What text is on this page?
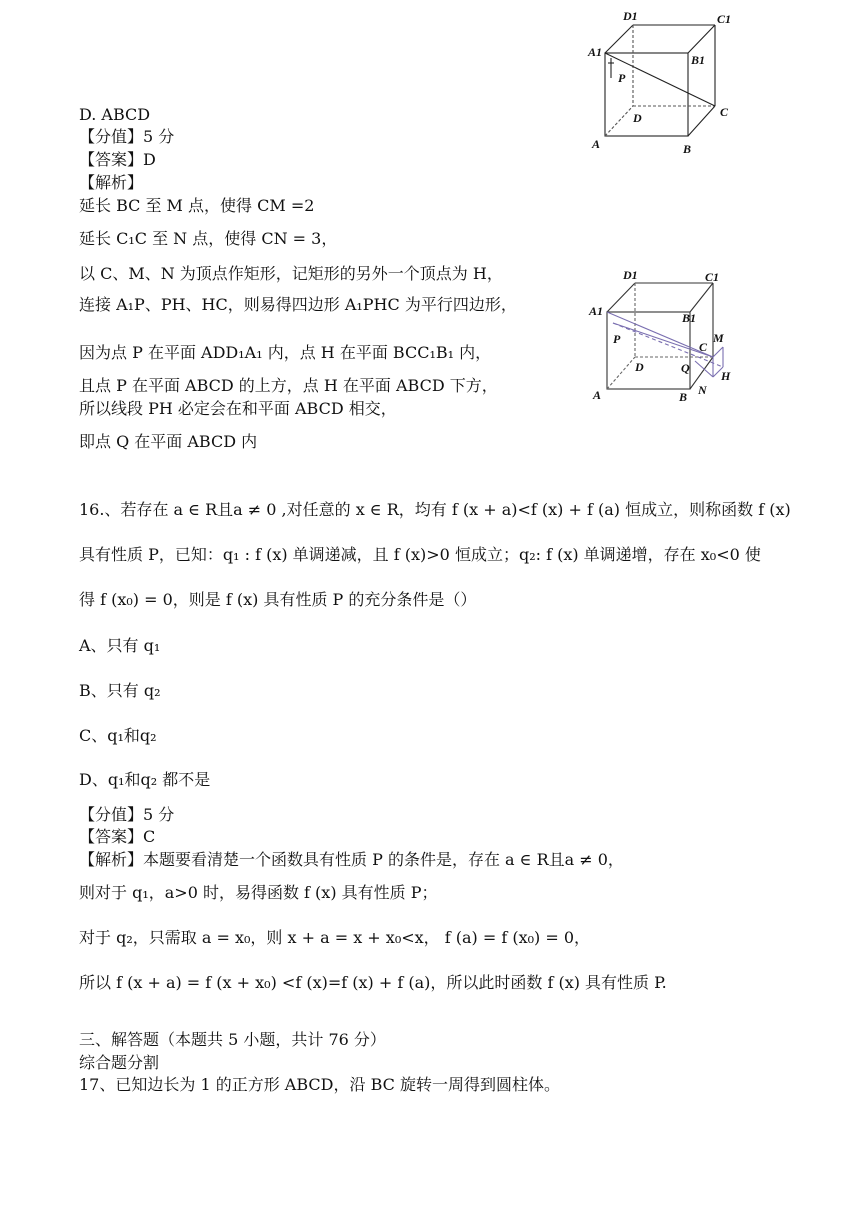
D1	C1
A1
B1
P
D	C
A	B
D1	C1
A1	B1
P	M
C
D	Q
H
A	B N
D. ABCD
【分值】5 分
【答案】D
【解析】
延长 BC 至 M 点，使得 CM =2
延长 C₁C 至 N 点，使得 CN = 3，
以 C、M、N 为顶点作矩形，记矩形的另外一个顶点为 H，
连接 A₁P、PH、HC，则易得四边形 A₁PHC 为平行四边形，
因为点 P 在平面 ADD₁A₁ 内，点 H 在平面 BCC₁B₁ 内，
且点 P 在平面 ABCD 的上方，点 H 在平面 ABCD 下方，
所以线段 PH 必定会在和平面 ABCD 相交，
即点 Q 在平面 ABCD 内
16.、若存在 a ∈ R且a ≠ 0 ,对任意的 x ∈ R，均有 f (x + a)<f (x) + f (a) 恒成立，则称函数 f (x)
具有性质 P，已知：q₁ : f (x) 单调递减，且 f (x)>0 恒成立；q₂: f (x) 单调递增，存在 x₀<0 使
得 f (x₀) = 0，则是 f (x) 具有性质 P 的充分条件是（）
A、只有 q₁
B、只有 q₂
C、q₁和q₂
D、q₁和q₂ 都不是
【分值】5 分
【答案】C
【解析】本题要看清楚一个函数具有性质 P 的条件是，存在 a ∈ R且a ≠ 0，
则对于 q₁，a>0 时，易得函数 f (x) 具有性质 P；
对于 q₂，只需取 a = x₀，则 x + a = x + x₀<x， f (a) = f (x₀) = 0，
所以 f (x + a) = f (x + x₀) <f (x)=f (x) + f (a)，所以此时函数 f (x) 具有性质 P.
三、解答题（本题共 5 小题，共计 76 分）
综合题分割
17、已知边长为 1 的正方形 ABCD，沿 BC 旋转一周得到圆柱体。
